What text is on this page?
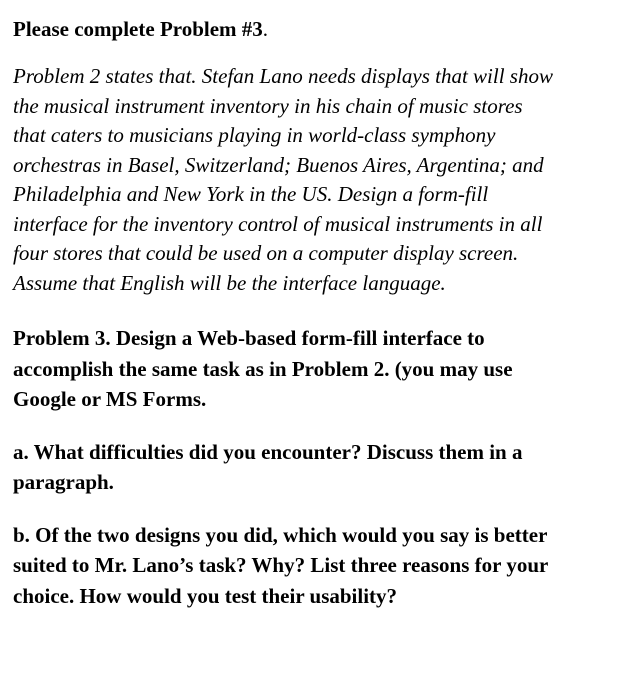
Please complete Problem #3.
Problem 2 states that. Stefan Lano needs displays that will show
the musical instrument inventory in his chain of music stores
that caters to musicians playing in world-class symphony
orchestras in Basel, Switzerland; Buenos Aires, Argentina; and
Philadelphia and New York in the US. Design a form-fill
interface for the inventory control of musical instruments in all
four stores that could be used on a computer display screen.
Assume that English will be the interface language.
Problem 3. Design a Web-based form-fill interface to
accomplish the same task as in Problem 2. (you may use
Google or MS Forms.
a. What difficulties did you encounter? Discuss them in a
paragraph.
b. Of the two designs you did, which would you say is better
suited to Mr. Lano’s task? Why? List three reasons for your
choice. How would you test their usability?
